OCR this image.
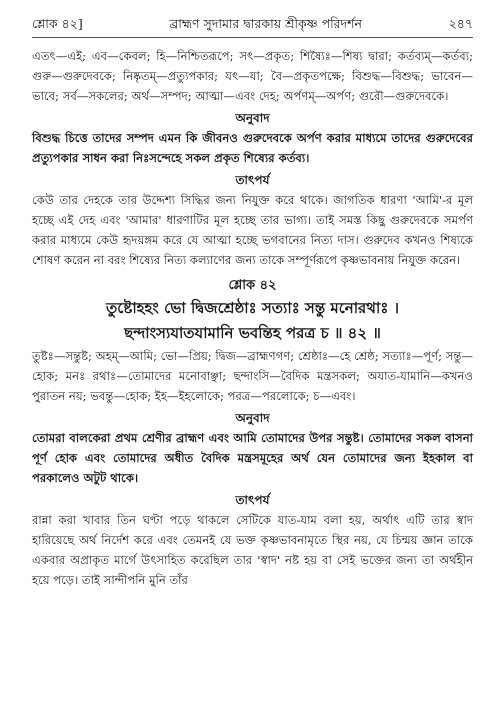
শ্লোক ৪২]	ব্রাহ্মণ সুদামার দ্বারকায় শ্রীকৃষ্ণ পরিদর্শন	২৪৭

এতৎ—এই; এব—কেবল; হি—নিশ্চিতরূপে; সৎ—প্রকৃত; শিষ্যৈঃ—শিষ্য দ্বারা; কর্তব্যম্—কর্তব্য; গুরু—গুরুদেবকে; নিষ্কৃতম্—প্রত্যুপকার; যৎ—যা; বৈ—প্রকৃতপক্ষে; বিশুদ্ধ—বিশুদ্ধ; ভাবেন—ভাবে; সর্ব—সকলের; অর্থ—সম্পদ; আত্মা—এবং দেহ; অর্পণম্—অর্পণ; গুরৌ—গুরুদেবকে।

অনুবাদ

বিশুদ্ধ চিত্তে তাদের সম্পদ এমন কি জীবনও গুরুদেবকে অর্পণ করার মাধ্যমে তাদের গুরুদেবের প্রত্যুপকার সাধন করা নিঃসন্দেহে সকল প্রকৃত শিষ্যের কর্তব্য।

তাৎপর্য

কেউ তার দেহকে তার উদ্দেশ্য সিদ্ধির জন্য নিযুক্ত করে থাকে। জাগতিক ধারণা 'আমি'-র মূল হচ্ছে এই দেহ এবং 'আমার' ধারণাটির মূল হচ্ছে তার ভাগ্য। তাই সমস্ত কিছু গুরুদেবকে সমর্পণ করার মাধ্যমে কেউ হৃদয়ঙ্গম করে যে আত্মা হচ্ছে ভগবানের নিত্য দাস। গুরুদেব কখনও শিষ্যকে শোষণ করেন না বরং শিষ্যের নিত্য কল্যাণের জন্য তাকে সম্পূর্ণরূপে কৃষ্ণভাবনায় নিযুক্ত করেন।

শ্লোক ৪২
তুষ্টোহহং ভো দ্বিজশ্রেষ্ঠাঃ সত্যাঃ সন্তু মনোরথাঃ ।
ছন্দাংস্যযাতযামানি ভবন্তিহ পরত্র চ ॥ ৪২ ॥

তুষ্টঃ—সন্তুষ্ট; অহম্—আমি; ভো—প্রিয়; দ্বিজ—ব্রাহ্মণগণ; শ্রেষ্ঠাঃ—হে শ্রেষ্ঠ; সত্যাঃ—পূর্ণ; সন্তু—হোক; মনঃ রথাঃ—তোমাদের মনোবাঞ্ছা; ছন্দাংসি—বৈদিক মন্ত্রসকল; অযাত-যামানি—কখনও পুরাতন নয়; ভবন্তু—হোক; ইহ—ইহলোকে; পরত্র—পরলোকে; চ—এবং।

অনুবাদ

তোমরা বালকেরা প্রথম শ্রেণীর ব্রাহ্মণ এবং আমি তোমাদের উপর সন্তুষ্ট। তোমাদের সকল বাসনা পূর্ণ হোক এবং তোমাদের অধীত বৈদিক মন্ত্রসমূহের অর্থ যেন তোমাদের জন্য ইহকাল বা পরকালেও অটুট থাকে।

তাৎপর্য

রান্না করা খাবার তিন ঘণ্টা পড়ে থাকলে সেটিকে যাত-যাম বলা হয়, অর্থাৎ এটি তার স্বাদ হারিয়েছে অর্থ নির্দেশ করে এবং তেমনই যে ভক্ত কৃষ্ণভাবনামৃতে স্থির নয়, যে চিন্ময় জ্ঞান তাকে একবার অপ্রাকৃত মার্গে উৎসাহিত করেছিল তার 'স্বাদ' নষ্ট হয় বা সেই ভক্তের জন্য তা অর্থহীন হয়ে পড়ে। তাই সান্দীপনি মুনি তাঁর
